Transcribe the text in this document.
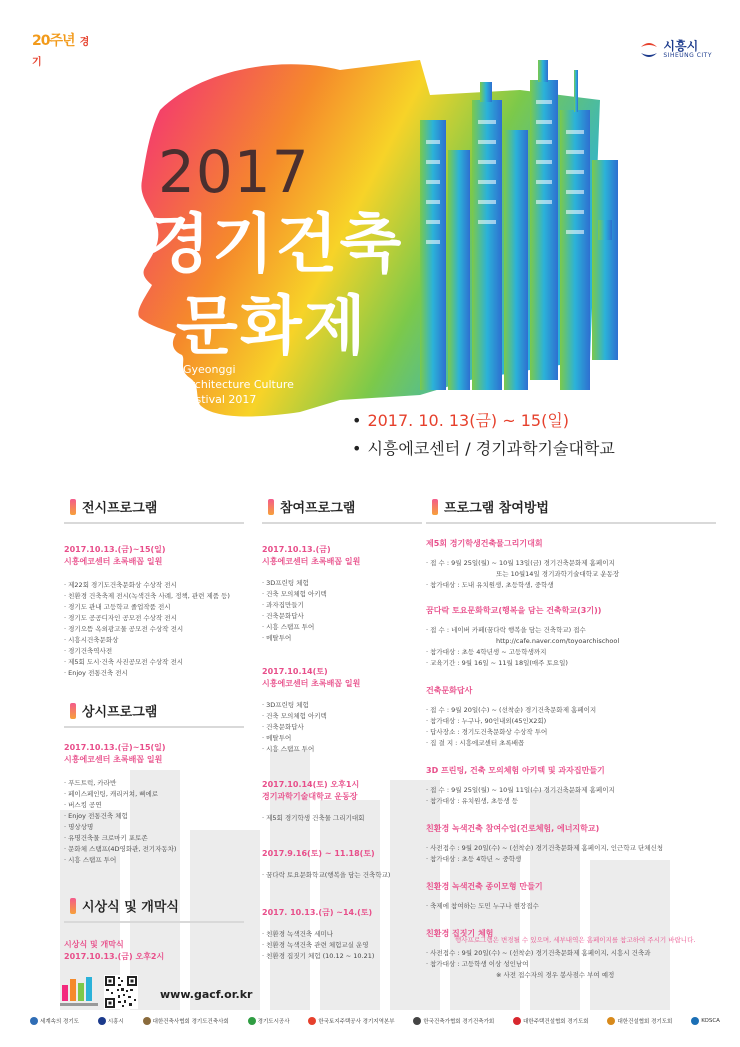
20주년 경기
시흥시
SIHEUNG CITY
2017
경기건축
문화제
Gyeonggi
Architecture Culture
Festival 2017
• 2017. 10. 13(금) ~ 15(일)
• 시흥에코센터 / 경기과학기술대학교
전시프로그램
2017.10.13.(금)~15(일)
시흥에코센터 초록배꼽 일원
· 제22회 경기도건축문화상 수상작 전시
· 친환경 건축축제 전시(녹색건축 사례, 정책, 관련 제품 등)
· 경기도 관내 고등학교 졸업작품 전시
· 경기도 공공디자인 공모전 수상작 전시
· 경기으뜸 옥외광고물 공모전 수상작 전시
· 시흥시건축문화상
· 경기건축역사전
· 제5회 도시·건축 사진공모전 수상작 전시
· Enjoy 전통건축 전시
상시프로그램
2017.10.13.(금)~15(일)
시흥에코센터 초록배꼽 일원
· 푸드트럭, 카라반
· 페이스페인팅, 캐리커쳐, 삐에로
· 버스킹 공연
· Enjoy 전통건축 체험
· 명상상명
· 유명건축물 크로마키 포토존
· 문화체 스탬프(4D영화관, 전기자동차)
· 시흥 스탬프 투어
시상식 및 개막식
시상식 및 개막식
2017.10.13.(금) 오후2시
참여프로그램
2017.10.13.(금)
시흥에코센터 초록배꼽 일원
· 3D프린팅 체험
· 건축 모의체험 아키텍
· 과자집만들기
· 건축문화답사
· 시흥 스탬프 투어
· 메탈투어
2017.10.14(토)
시흥에코센터 초록배꼽 일원
· 3D프린팅 체험
· 건축 모의체험 아키텍
· 건축문화답사
· 메탈투어
· 시흥 스탬프 투어
2017.10.14(토) 오후1시
경기과학기술대학교 운동장
· 제5회 경기학생 건축물 그리기대회
2017.9.16(토) ~ 11.18(토)
· 꿈다락 토요문화학교(행복을 담는 건축학교)
2017. 10.13.(금) ~14.(토)
· 친환경 녹색건축 세미나
· 친환경 녹색건축 관련 체험교실 운영
· 친환경 집짓기 체험 (10.12 ~ 10.21)
프로그램 참여방법
제5회 경기학생건축물그리기대회
· 접 수 : 9월 25일(월) ~ 10월 13일(금) 경기건축문화제 홈페이지
또는 10월14일 경기과학기술대학교 운동장
· 참가대상 : 도내 유치원생, 초등학생, 중학생
꿈다락 토요문화학교(행복을 담는 건축학교(3기))
· 접 수 : 네이버 카페(꿈다락 행복을 담는 건축학교) 접수
http://cafe.naver.com/toyoarchischool
· 참가대상 : 초등 4학년생 ~ 고등학생까지
· 교육기간 : 9월 16일 ~ 11월 18일(매주 토요일)
건축문화답사
· 접 수 : 9월 20일(수) ~ (선착순) 경기건축문화제 홈페이지
· 참가대상 : 누구나, 90인내외(45인X2회)
· 답사장소 : 경기도건축문화상 수상작 투어
· 집 결 지 : 시흥에코센터 초록배꼽
3D 프린팅, 건축 모의체험 아키텍 및 과자집만들기
· 접 수 : 9월 25일(월) ~ 10월 11일(수) 경기건축문화제 홈페이지
· 참가대상 : 유치원생, 초등생 등
친환경 녹색건축 참여수업(건로체험, 에너지학교)
· 사전접수 : 9월 20일(수) ~ (선착순) 경기건축문화제 홈페이지, 인근학교 단체신청
· 참가대상 : 초등 4학년 ~ 중학생
친환경 녹색건축 종이모형 만들기
· 축제에 참여하는 도민 누구나 현장접수
친환경 집짓기 체험
· 사전접수 : 9월 20일(수) ~ (선착순) 경기건축문화제 홈페이지, 시흥시 건축과
· 참가대상 : 고등학생 이상 성인남여
※ 사전 접수자의 경우 봉사점수 부여 예정
행사프로그램은 변경될 수 있으며, 세부내역은 홈페이지를 참고하여 주시기 바랍니다.
www.gacf.or.kr
세계속의 경기도	시흥시	대한건축사협회 경기도건축사회	경기도시공사	한국토지주택공사 경기지역본부	한국건축가협회 경기건축가회	대한주택건설협회 경기도회	대한건설협회 경기도회	KOSCA
